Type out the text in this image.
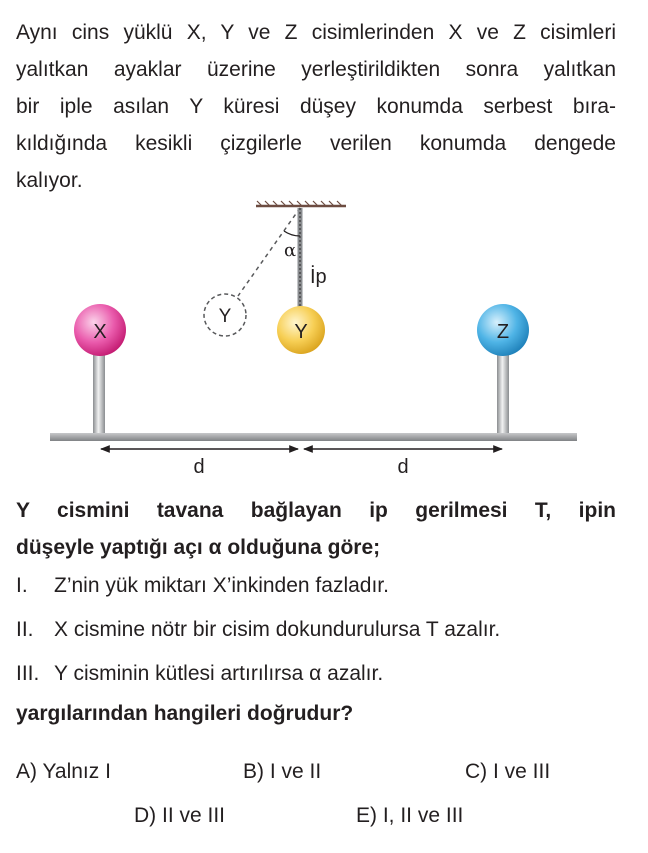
Aynı cins yüklü X, Y ve Z cisimlerinden X ve Z cisimleri
yalıtkan ayaklar üzerine yerleştirildikten sonra yalıtkan
bir iple asılan Y küresi düşey konumda serbest bıra-
kıldığında kesikli çizgilerle verilen konumda dengede
kalıyor.
α
İp
Y
Y
X	Z
d	d
Y cismini tavana bağlayan ip gerilmesi T, ipin
düşeyle yaptığı açı α olduğuna göre;
I. Z’nin yük miktarı X’inkinden fazladır.
II. X cismine nötr bir cisim dokundurulursa T azalır.
III. Y cisminin kütlesi artırılırsa α azalır.
yargılarından hangileri doğrudur?
A) Yalnız I	B) I ve II	C) I ve III
D) II ve III	E) I, II ve III
